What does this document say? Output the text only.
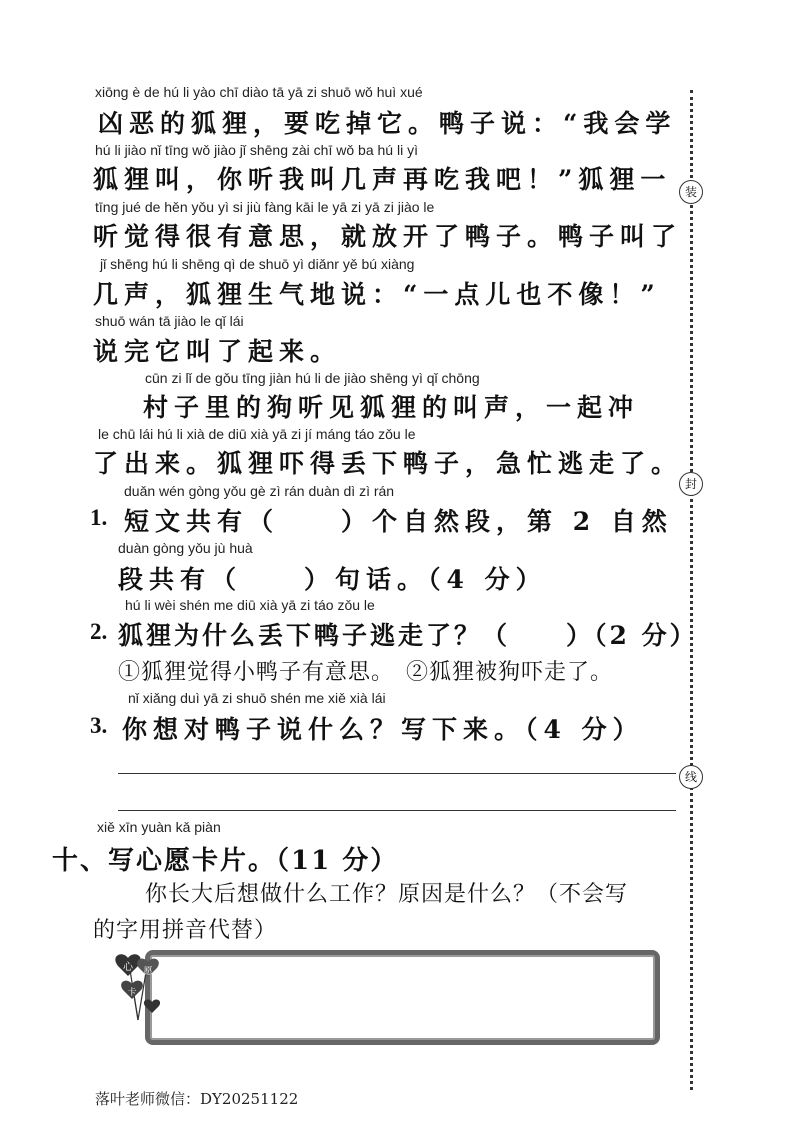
xiōng è de hú li yào chī diào tā yā zi shuō wǒ huì xué
凶恶的狐狸，要吃掉它。鸭子说：“我会学
hú li jiào nǐ tīng wǒ jiào jǐ shēng zài chī wǒ ba hú li yì
狐狸叫，你听我叫几声再吃我吧！”狐狸一
tīng jué de hěn yǒu yì si jiù fàng kāi le yā zi yā zi jiào le
听觉得很有意思，就放开了鸭子。鸭子叫了
jǐ shēng hú li shēng qì de shuō yì diǎnr yě bú xiàng
几声，狐狸生气地说：“一点儿也不像！”
shuō wán tā jiào le qǐ lái
说完它叫了起来。
cūn zi lǐ de gǒu tīng jiàn hú li de jiào shēng yì qǐ chōng
村子里的狗听见狐狸的叫声，一起冲
le chū lái hú li xià de diū xià yā zi jí máng táo zǒu le
了出来。狐狸吓得丢下鸭子，急忙逃走了。
duǎn wén gòng yǒu gè zì rán duàn dì zì rán
1. 短文共有（　　）个自然段，第 2 自然
duàn gòng yǒu jù huà
段共有（　　）句话。（4 分）
hú li wèi shén me diū xià yā zi táo zǒu le
2. 狐狸为什么丢下鸭子逃走了？（　　）（2 分）
①狐狸觉得小鸭子有意思。　②狐狸被狗吓走了。
nǐ xiǎng duì yā zi shuō shén me xiě xià lái
3. 你想对鸭子说什么？写下来。（4 分）
xiě xīn yuàn kǎ piàn
十、写心愿卡片。（11 分）
你长大后想做什么工作？原因是什么？（不会写
的字用拼音代替）
心 愿
卡
装
封
线
落叶老师微信：DY20251122
